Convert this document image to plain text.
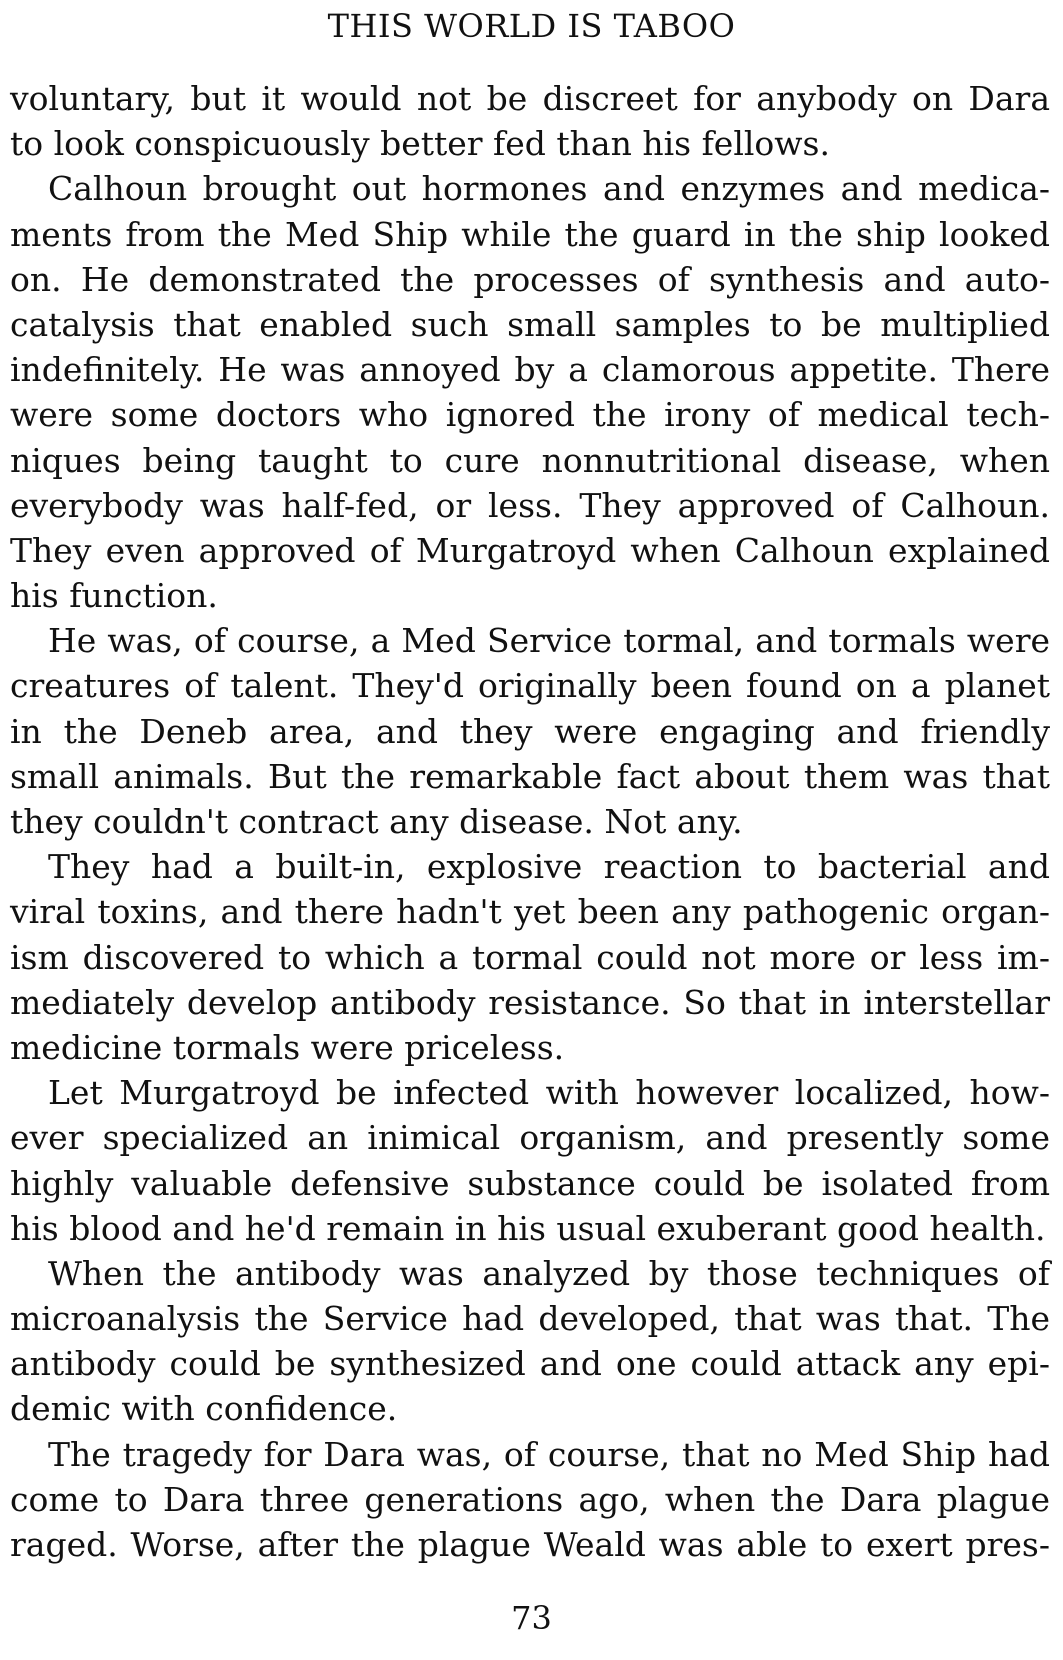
THIS WORLD IS TABOO
voluntary, but it would not be discreet for anybody on Dara
to look conspicuously better fed than his fellows.
Calhoun brought out hormones and enzymes and medica-
ments from the Med Ship while the guard in the ship looked
on. He demonstrated the processes of synthesis and auto-
catalysis that enabled such small samples to be multiplied
indefinitely. He was annoyed by a clamorous appetite. There
were some doctors who ignored the irony of medical tech-
niques being taught to cure nonnutritional disease, when
everybody was half-fed, or less. They approved of Calhoun.
They even approved of Murgatroyd when Calhoun explained
his function.
He was, of course, a Med Service tormal, and tormals were
creatures of talent. They'd originally been found on a planet
in the Deneb area, and they were engaging and friendly
small animals. But the remarkable fact about them was that
they couldn't contract any disease. Not any.
They had a built-in, explosive reaction to bacterial and
viral toxins, and there hadn't yet been any pathogenic organ-
ism discovered to which a tormal could not more or less im-
mediately develop antibody resistance. So that in interstellar
medicine tormals were priceless.
Let Murgatroyd be infected with however localized, how-
ever specialized an inimical organism, and presently some
highly valuable defensive substance could be isolated from
his blood and he'd remain in his usual exuberant good health.
When the antibody was analyzed by those techniques of
microanalysis the Service had developed, that was that. The
antibody could be synthesized and one could attack any epi-
demic with confidence.
The tragedy for Dara was, of course, that no Med Ship had
come to Dara three generations ago, when the Dara plague
raged. Worse, after the plague Weald was able to exert pres-
73
